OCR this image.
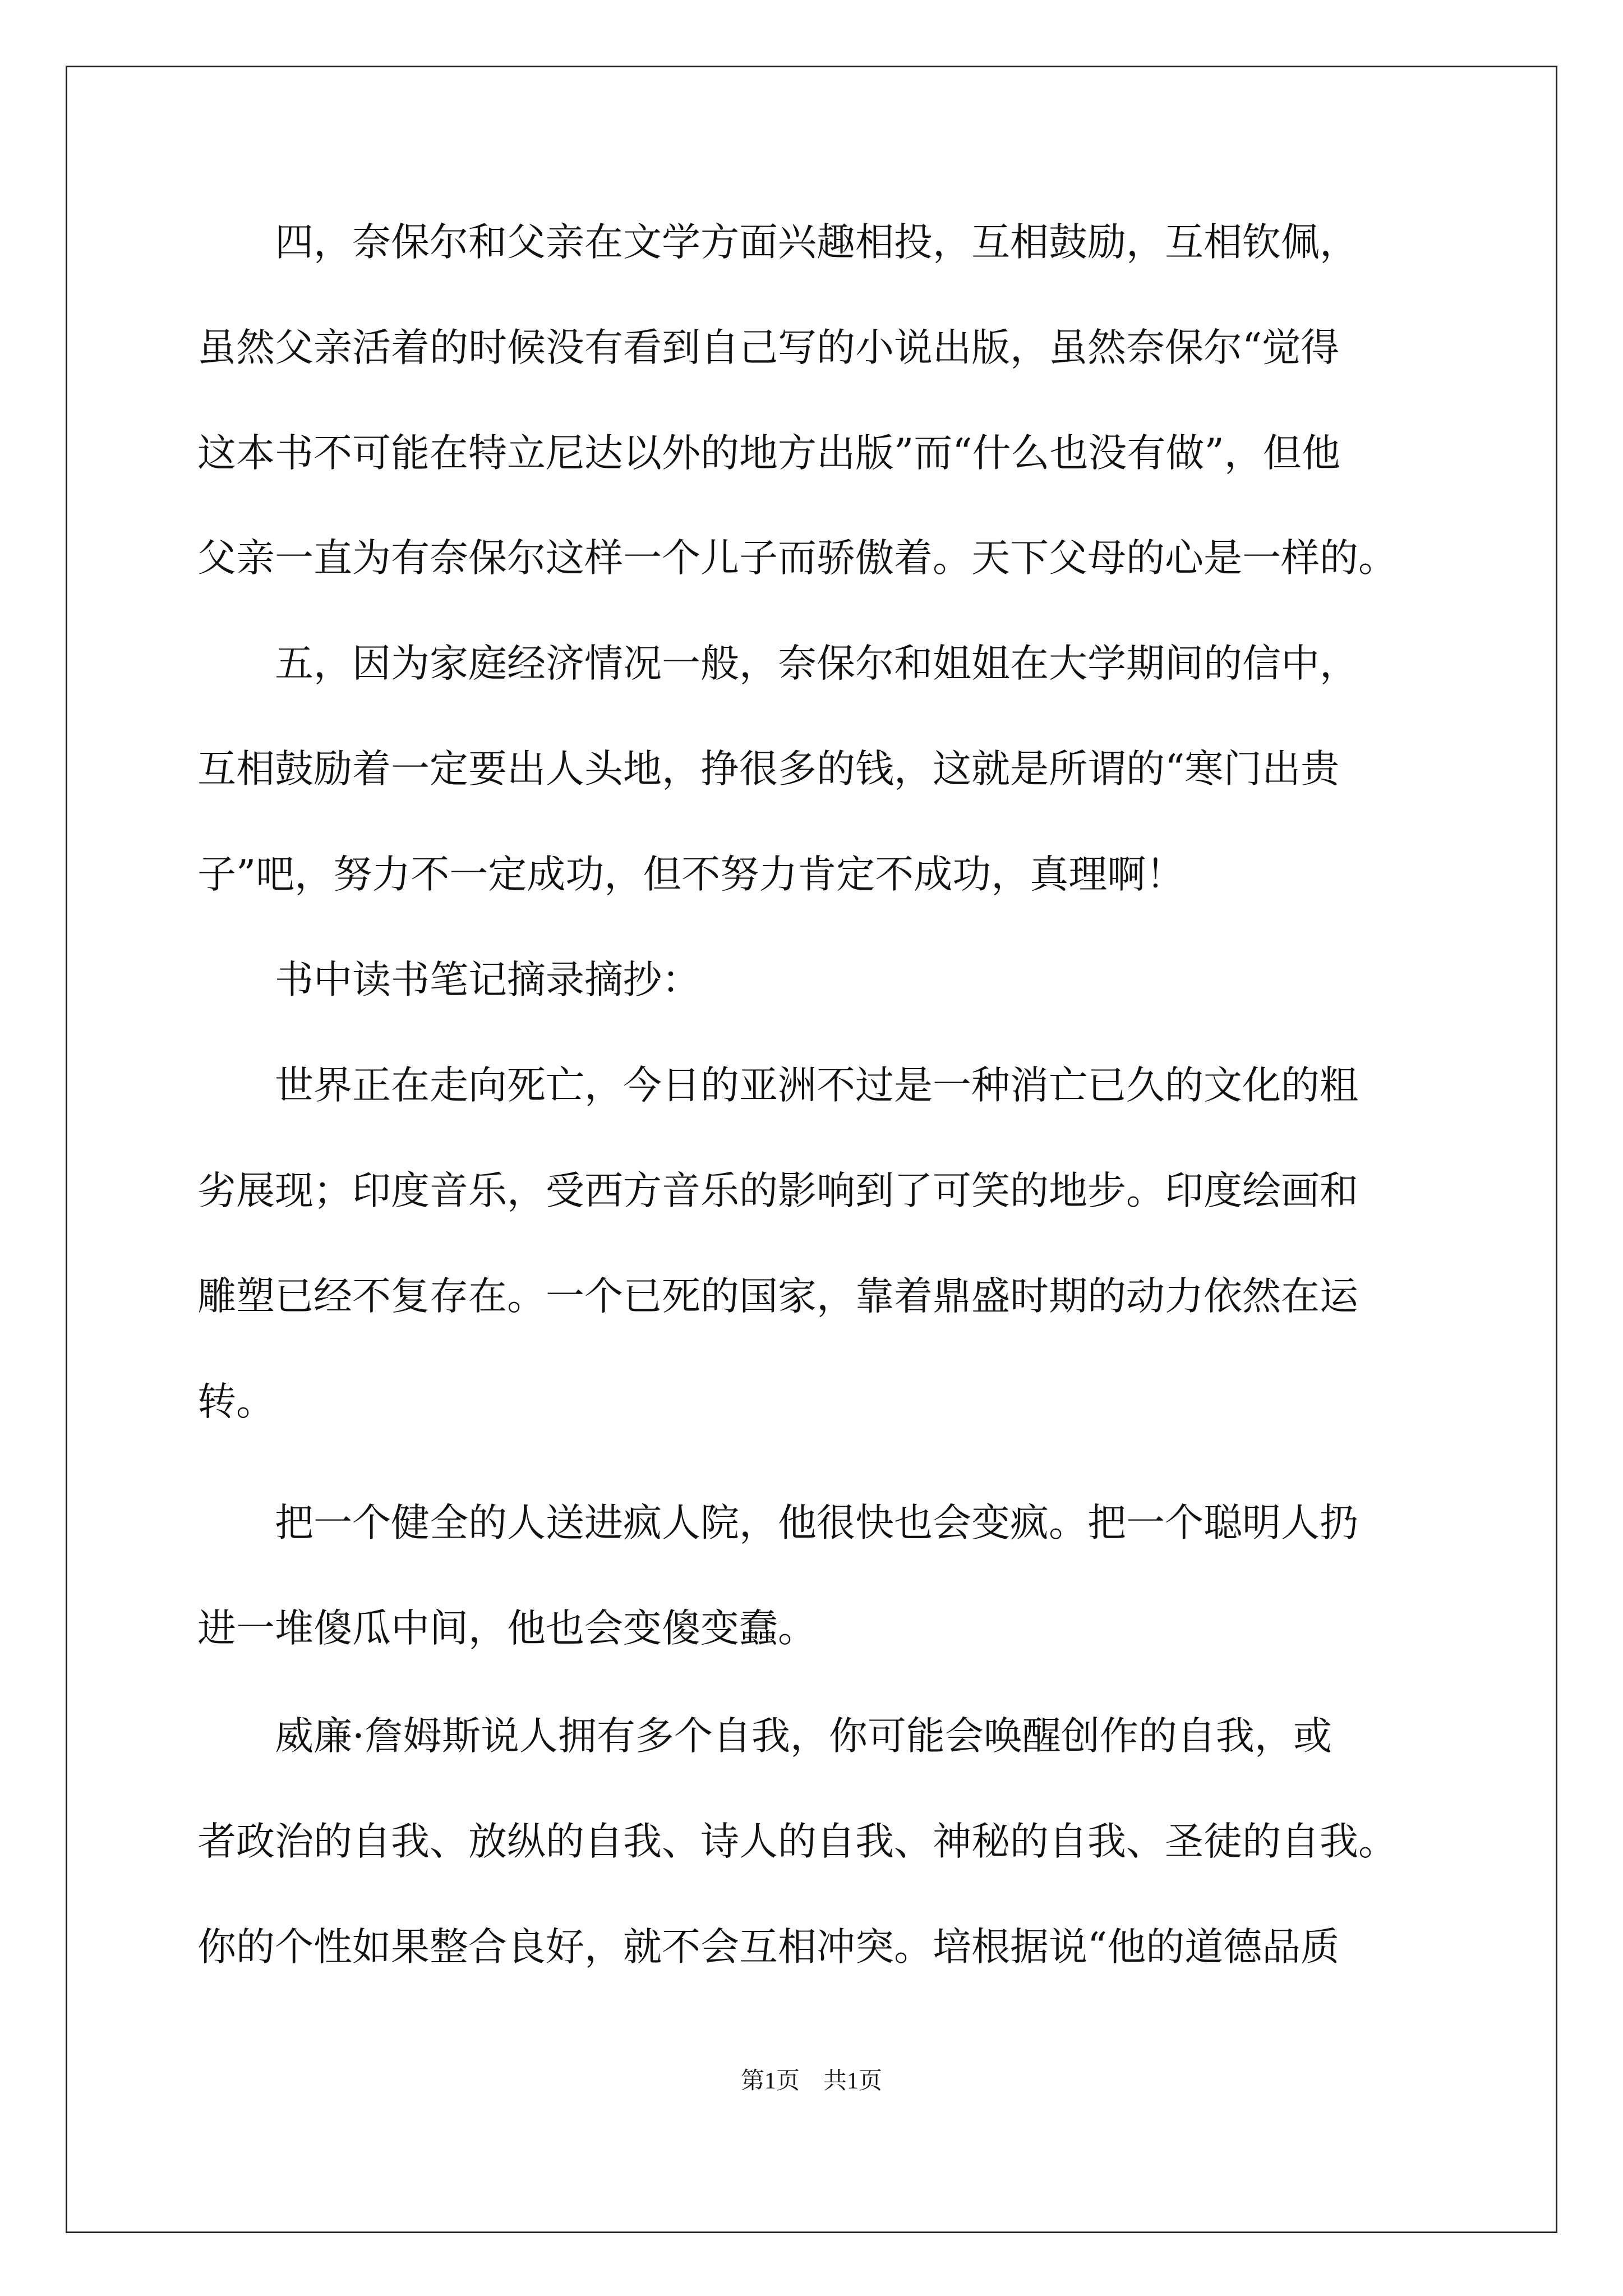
四，奈保尔和父亲在文学方面兴趣相投，互相鼓励，互相钦佩，
虽然父亲活着的时候没有看到自己写的小说出版，虽然奈保尔“觉得
这本书不可能在特立尼达以外的地方出版”而“什么也没有做”，但他
父亲一直为有奈保尔这样一个儿子而骄傲着。天下父母的心是一样的。
五，因为家庭经济情况一般，奈保尔和姐姐在大学期间的信中，
互相鼓励着一定要出人头地，挣很多的钱，这就是所谓的“寒门出贵
子”吧，努力不一定成功，但不努力肯定不成功，真理啊！
书中读书笔记摘录摘抄：
世界正在走向死亡，今日的亚洲不过是一种消亡已久的文化的粗
劣展现；印度音乐，受西方音乐的影响到了可笑的地步。印度绘画和
雕塑已经不复存在。一个已死的国家，靠着鼎盛时期的动力依然在运
转。
把一个健全的人送进疯人院，他很快也会变疯。把一个聪明人扔
进一堆傻瓜中间，他也会变傻变蠢。
威廉·詹姆斯说人拥有多个自我，你可能会唤醒创作的自我，或
者政治的自我、放纵的自我、诗人的自我、神秘的自我、圣徒的自我。
你的个性如果整合良好，就不会互相冲突。培根据说“他的道德品质
第1页 共1页
